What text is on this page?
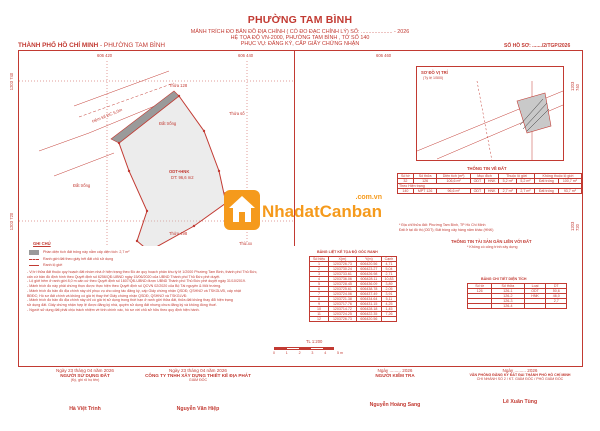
PHƯỜNG TAM BÌNH
MẢNH TRÍCH ĐO BẢN ĐỒ ĐỊA CHÍNH ( CÓ ĐO ĐẠC CHỈNH LÝ) SỐ: ..................... - 2026
HỆ TỌA ĐỘ VN-2000, PHƯỜNG TAM BÌNH , TỜ SỐ 140
PHỤC VỤ: ĐĂNG KÝ, CẤP GIẤY CHỨNG NHẬN
THÀNH PHỐ HỒ CHÍ MINH - PHƯỜNG TAM BÌNH	SỐ HỒ SƠ: ......./2/TGP/2026
606 420	606 440	606 460
1203 740
1203 720
1203 740
1203 720
Thửa 128
Hẻm kế ĐC 5,0m	Thửa số
Đất trống
ODT+HNK
DT: 96,6 m2
Đất trống
Thửa 498
Thừ xx
SƠ ĐỒ VỊ TRÍ
(Tỷ lệ 1/500)
THÔNG TIN VỀ ĐẤT
Số tờ	Số thửa	Diện tích (m²)	Mục đích		Thuộc lộ giới		Không thuộc lộ giới	
32	126	106,6 m²	ODT	HNK	5,2 m²	5,2 m²	Đất trống	100,7 m²
Theo Hiện trạng								
140	MPT 126	96,6 m²	ODT	HNK	2,7 m²	2,7 m²	Đất trống	93,7 m²
* Địa chỉ thửa đất: Phường Tam Bình, TP Hồ Chí Minh
Đất ở tại đô thị (ODT); Đất trồng cây hàng năm khác (HNK)
THÔNG TIN TÀI SẢN GẮN LIỀN VỚI ĐẤT
* Không có công trình xây dựng
BẢNG CHI TIẾT DIỆN TÍCH
Số tờ	Số thửa	Loại	DT
126	126-1	ODT	50,6
	126-2	HNK	46,0
	126-3		2,7
	126-4		
GHI CHÚ
Phần diện tích đất trống này nằm cấp diện tích: 2,7 m²
Ranh giới đất theo giấy hết đất chủ sử dụng
Ranh lộ giới
- Vị trí thửa đất thuộc quy hoạch đất nhóm nhà ở hiện trạng theo Đồ án quy hoạch phân khu tỷ lệ 1/2000 Phường Tam Bình, thành phố Thủ Đức,
cấn cứ bản đồ định hình theo Quyết định số 6256/QĐ-UBND ngày 15/06/2020 của UBND Thành phố Thủ Đức phê duyệt.
- Lộ giới hẻm ở ranh giới 8,0 m cấn cứ theo Quyết định số 1607/QĐ-UBND được UBND Thành phố Thủ Đức phê duyệt ngày 31/10/2019.
- Mảnh trích đo này phải chứng thực được thực hiện theo Quyết định số QCVN 02/2020 của Bộ Tài nguyên & Môi trường.
- Mảnh trích đo bản đồ địa chính này chỉ phục vụ cho công tác đăng ký, cấp Giấy chứng nhận QSDĐ, QSHNƠ và TSKGLVĐ, cấp nhật
BĐĐC; Hồ sơ đất chính và không có giá trị thay thế Giấy chứng nhận QSDĐ, QSHNƠ và TSKGLVĐ.
- Mảnh trích đo bản đồ địa chính này chỉ có giá trị sử dụng trong thời hạn ở ranh giới thửa đất, thửa đất không thay đổi hiện trạng
sử dụng đất. Giấy chứng nhận hợp lệ được đăng ký nhà, quyền sử dụng đất nhưng chưa đăng ký và không đóng thuế.
- Người sử dụng đất phải chịu trách nhiệm về tính chính xác, hồ sơ với chủ sở hữu theo quy định hiện hành.
BẢNG LIỆT KÊ TỌA ĐỘ GÓC RANH
Số hiệu	X(m)	Y(m)	Cạnh
1	1203726.73	606420.56	4,71
2	1203730.24	606423.27	5,04
3	1203733.61	606426.98	2,71
4	1203736.06	606428.11	10,83
5	1203728.45	606436.09	3,89
6	1203725.61	606438.78	2,05
7	1203724.06	606437.49	3,91
8	1203721.38	606434.64	5,11
9	1203717.76	606431.15	4,25
10	1203714.72	606428.18	1,45
11	1203724.25	606422.35	7,26
12	1203726.73	606420.56	
TL 1:200
0	1	2	3	4	5 m
NhadatCanban
.com.vn
Ngày 23 tháng 04 năm 2026
NGƯỜI SỬ DỤNG ĐẤT
(Ký, ghi rõ họ tên)
Hà Việt Trinh
Ngày 23 tháng 04 năm 2026
CÔNG TY TNHH XÂY DỰNG THIẾT KẾ ĐỊA PHÁT
GIÁM ĐỐC
Nguyễn Văn Hiệp
Ngày ......... 2026
NGƯỜI KIỂM TRA
Nguyễn Hoàng Sang
Ngày ......... 2026
VĂN PHÒNG ĐĂNG KÝ ĐẤT ĐAI THÀNH PHỐ HỒ CHÍ MINH
CHI NHÁNH SỐ 2 / KT. GIÁM ĐỐC / PHÓ GIÁM ĐỐC
Lê Xuân Tùng
